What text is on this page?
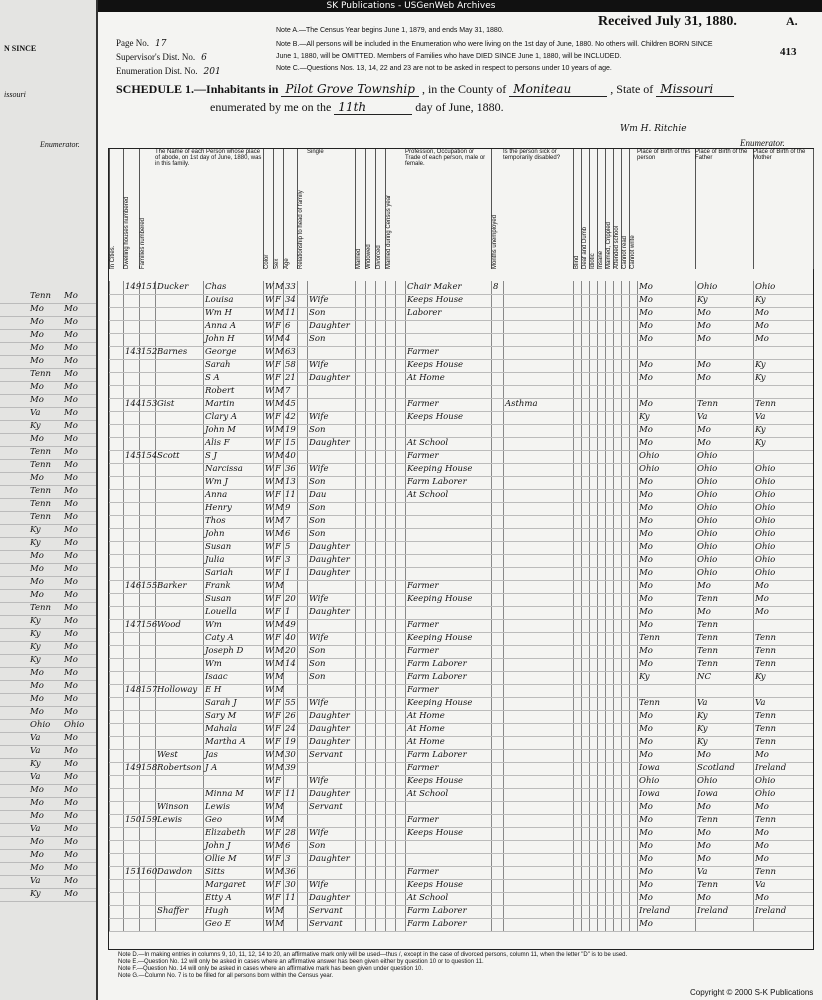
SK Publications - USGenWeb Archives
N SINCE
issouri
Enumerator.
Tenn Mo
Mo Mo
Mo Mo
Mo Mo
Mo Mo
Mo Mo
Tenn Mo
Mo Mo
Mo Mo
Va	Mo
Ky	Mo
Mo Mo
Tenn Mo
Tenn Mo
Mo Mo
Tenn Mo
Tenn Mo
Tenn Mo
Ky	Mo
Ky	Mo
Mo Mo
Mo Mo
Mo Mo
Mo Mo
Tenn Mo
Ky	Mo
Ky	Mo
Ky	Mo
Ky	Mo
Mo Mo
Mo Mo
Mo Mo
Mo Mo
Ohio Ohio
Va	Mo
Va	Mo
Ky	Mo
Va	Mo
Mo Mo
Mo Mo
Mo Mo
Va	Mo
Mo Mo
Mo Mo
Mo Mo
Va	Mo
Ky	Mo
Received July 31, 1880.	A.
413
Page No. 17
Supervisor's Dist. No. 6
Enumeration Dist. No. 201
Note A.—The Census Year begins June 1, 1879, and ends May 31, 1880.
Note B.—All persons will be included in the Enumeration who were living on the 1st day of June, 1880. No others will. Children BORN SINCE
June 1, 1880, will be OMITTED. Members of Families who have DIED SINCE June 1, 1880, will be INCLUDED.
Note C.—Questions Nos. 13, 14, 22 and 23 are not to be asked in respect to persons under 10 years of age.
SCHEDULE 1.—Inhabitants in Pilot Grove Township , in the County of Moniteau	, State of Missouri
enumerated by me on the 11th	day of June, 1880.
Wm H. Ritchie
Enumerator.
In Cities.	Dwelling houses numbered	Families numbered
The Name of each Person whose place of abode, on 1st day of June, 1880, was in this family.
Color Sex Age	Relationship to head of family
Single
Married Widowed Divorced Married during Census year
Profession, Occupation or Trade of each person, male or female.
Months unemployed
Is the person sick or temporarily disabled?
Blind Deaf and Dumb Idiotic Insane Maimed, Crippled Attended school Cannot read Cannot write
Place of Birth of this person
Place of Birth of the Father
Place of Birth of the Mother
149 151 Ducker	Chas	W M 33	Chair Maker	8	Mo	Ohio	Ohio
Louisa	W F 34 Wife	Keeps House	Mo	Ky	Ky
Wm H	W M 11 Son	Laborer	Mo	Mo	Mo
Anna A	W F 6	Daughter	Mo	Mo	Mo
John H	W M 4	Son	Mo	Mo	Mo
143 152 Barnes	George	W M 63	Farmer
Sarah	W F 58 Wife	Keeps House	Mo	Mo	Ky
S A	W F 21 Daughter	At Home	Mo	Mo	Ky
Robert	W M 7
144 153 Gist	Martin	W M 45	Farmer	Asthma	Mo	Tenn	Tenn
Clary A	W F 42 Wife	Keeps House	Ky	Va	Va
John M	W M 19 Son	Mo	Mo	Ky
Alis F	W F 15 Daughter	At School	Mo	Mo	Ky
145 154 Scott	S J	W M 40	Farmer	Ohio	Ohio
Narcissa	W F 36 Wife	Keeping House	Ohio	Ohio	Ohio
Wm J	W M 13 Son	Farm Laborer	Mo	Ohio	Ohio
Anna	W F 11 Dau	At School	Mo	Ohio	Ohio
Henry	W M 9	Son	Mo	Ohio	Ohio
Thos	W M 7	Son	Mo	Ohio	Ohio
John	W M 6	Son	Mo	Ohio	Ohio
Susan	W F 5	Daughter	Mo	Ohio	Ohio
Julia	W F 3	Daughter	Mo	Ohio	Ohio
Sariah	W F 1	Daughter	Mo	Ohio	Ohio
146 155 Barker	Frank	W M	Farmer	Mo	Mo	Mo
Susan	W F 20 Wife	Keeping House	Mo	Tenn	Mo
Louella	W F 1	Daughter	Mo	Mo	Mo
147 156 Wood	Wm	W M 49	Farmer	Mo	Tenn
Caty A	W F 40 Wife	Keeping House	Tenn	Tenn	Tenn
Joseph D	W M 20 Son	Farmer	Mo	Tenn	Tenn
Wm	W M 14 Son	Farm Laborer	Mo	Tenn	Tenn
Isaac	W M	Son	Farm Laborer	Ky	NC	Ky
148 157 Holloway E H	W M	Farmer
Sarah J	W F 55 Wife	Keeping House	Tenn	Va	Va
Sary M	W F 26 Daughter	At Home	Mo	Ky	Tenn
Mahala	W F 24 Daughter	At Home	Mo	Ky	Tenn
Martha A	W F 19 Daughter	At Home	Mo	Ky	Tenn
West	Jas	W M 30 Servant	Farm Laborer	Mo	Mo	Mo
149 158 Robertson J A	W M 39	Farmer	Iowa	Scotland	Ireland
W F	Wife	Keeps House	Ohio	Ohio	Ohio
Minna M	W F 11 Daughter	At School	Iowa	Iowa	Ohio
Winson	Lewis	W M	Servant	Mo	Mo	Mo
150 159 Lewis	Geo	W M	Farmer	Mo	Tenn	Tenn
Elizabeth	W F 28 Wife	Keeps House	Mo	Mo	Mo
John J	W M 6	Son	Mo	Mo	Mo
Ollie M	W F 3	Daughter	Mo	Mo	Mo
151 160 Dawdon	Sitts	W M 36	Farmer	Mo	Va	Tenn
Margaret	W F 30 Wife	Keeps House	Mo	Tenn	Va
Etty A	W F 11 Daughter	At School	Mo	Mo	Mo
Shaffer	Hugh	W M	Servant	Farm Laborer	Ireland	Ireland	Ireland
Geo E	W M	Servant	Farm Laborer	Mo
Note D.—In making entries in columns 9, 10, 11, 12, 14 to 20, an affirmative mark only will be used—thus /, except in the case of divorced persons, column 11, when the letter "D" is to be used.
Note E.—Question No. 12 will only be asked in cases where an affirmative answer has been given either by question 10 or to question 11.
Note F.—Question No. 14 will only be asked in cases where an affirmative mark has been given under question 10.
Note G.—Column No. 7 is to be filled for all persons born within the Census year.
Copyright © 2000 S-K Publications
